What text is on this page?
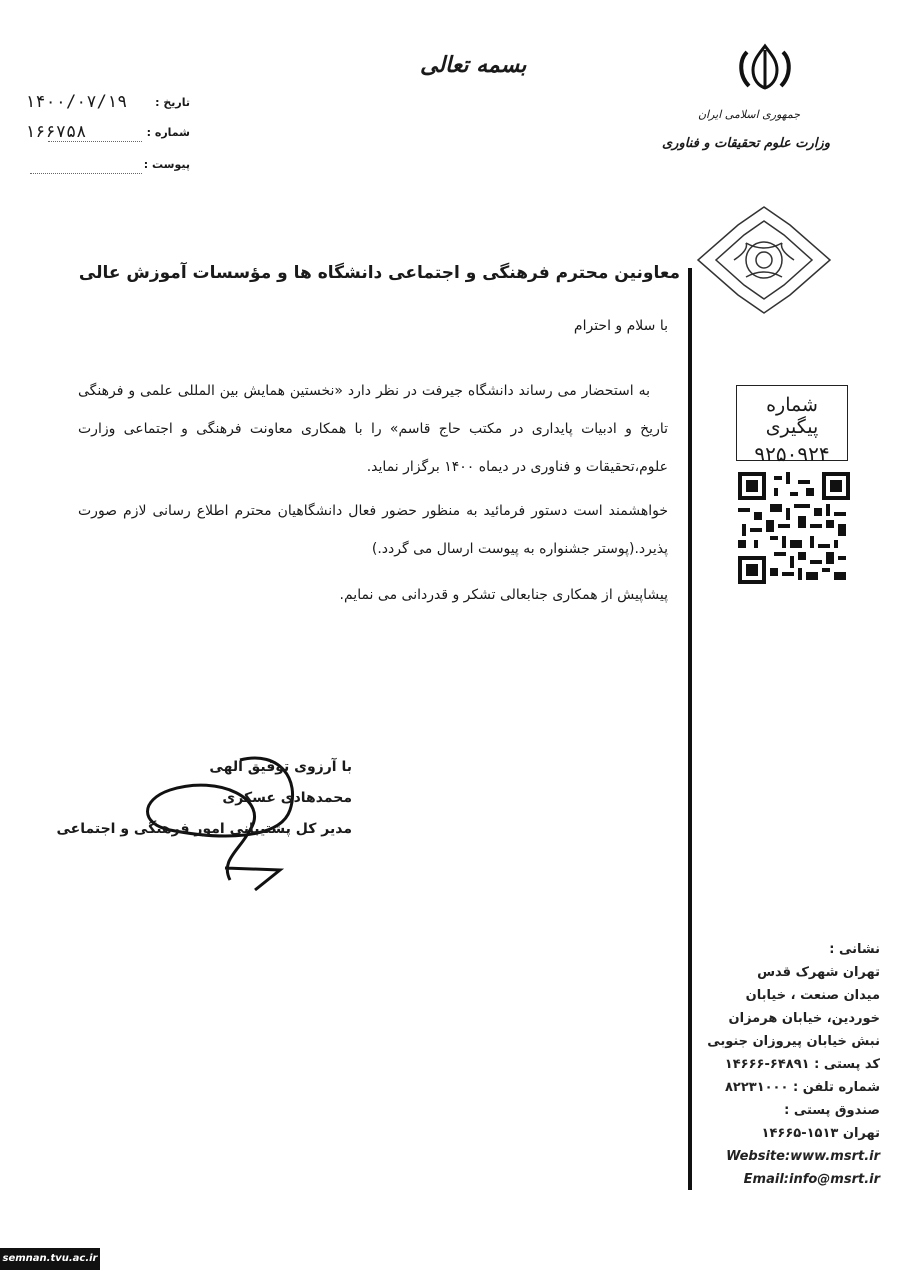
بسمه تعالی
جمهوری اسلامی ایران
وزارت علوم تحقیقات و فناوری
تاریخ :
۱۴۰۰/۰۷/۱۹
شماره :
۱۶۶۷۵۸
پیوست :
شماره پیگیری
۹۲۵۰۹۲۴
معاونین محترم فرهنگی و اجتماعی دانشگاه ها و مؤسسات آموزش عالی
با سلام و احترام
به استحضار می رساند دانشگاه جیرفت در نظر دارد «نخستین همایش بین المللی علمی و فرهنگی تاریخ و ادبیات پایداری در مکتب حاج قاسم» را با همکاری معاونت فرهنگی و اجتماعی وزارت علوم،تحقیقات و فناوری در دیماه ۱۴۰۰ برگزار نماید.
خواهشمند است دستور فرمائید به منظور حضور فعال دانشگاهیان محترم اطلاع رسانی لازم صورت پذیرد.(پوستر جشنواره به پیوست ارسال می گردد.)
پیشاپیش از همکاری جنابعالی تشکر و قدردانی می نمایم.
با آرزوی توفیق الهی
محمدهادی عسکری
مدیر کل پشتیبانی امور فرهنگی و اجتماعی
نشانی :
تهران شهرک قدس
میدان صنعت ، خیابان
خوردین، خیابان هرمزان
نبش خیابان پیروزان جنوبی
کد پستی : ۶۴۸۹۱-۱۴۶۶۶
شماره تلفن : ۸۲۲۳۱۰۰۰
صندوق پستی :
تهران ۱۵۱۳-۱۴۶۶۵
Website:www.msrt.ir
Email:info@msrt.ir
semnan.tvu.ac.ir
